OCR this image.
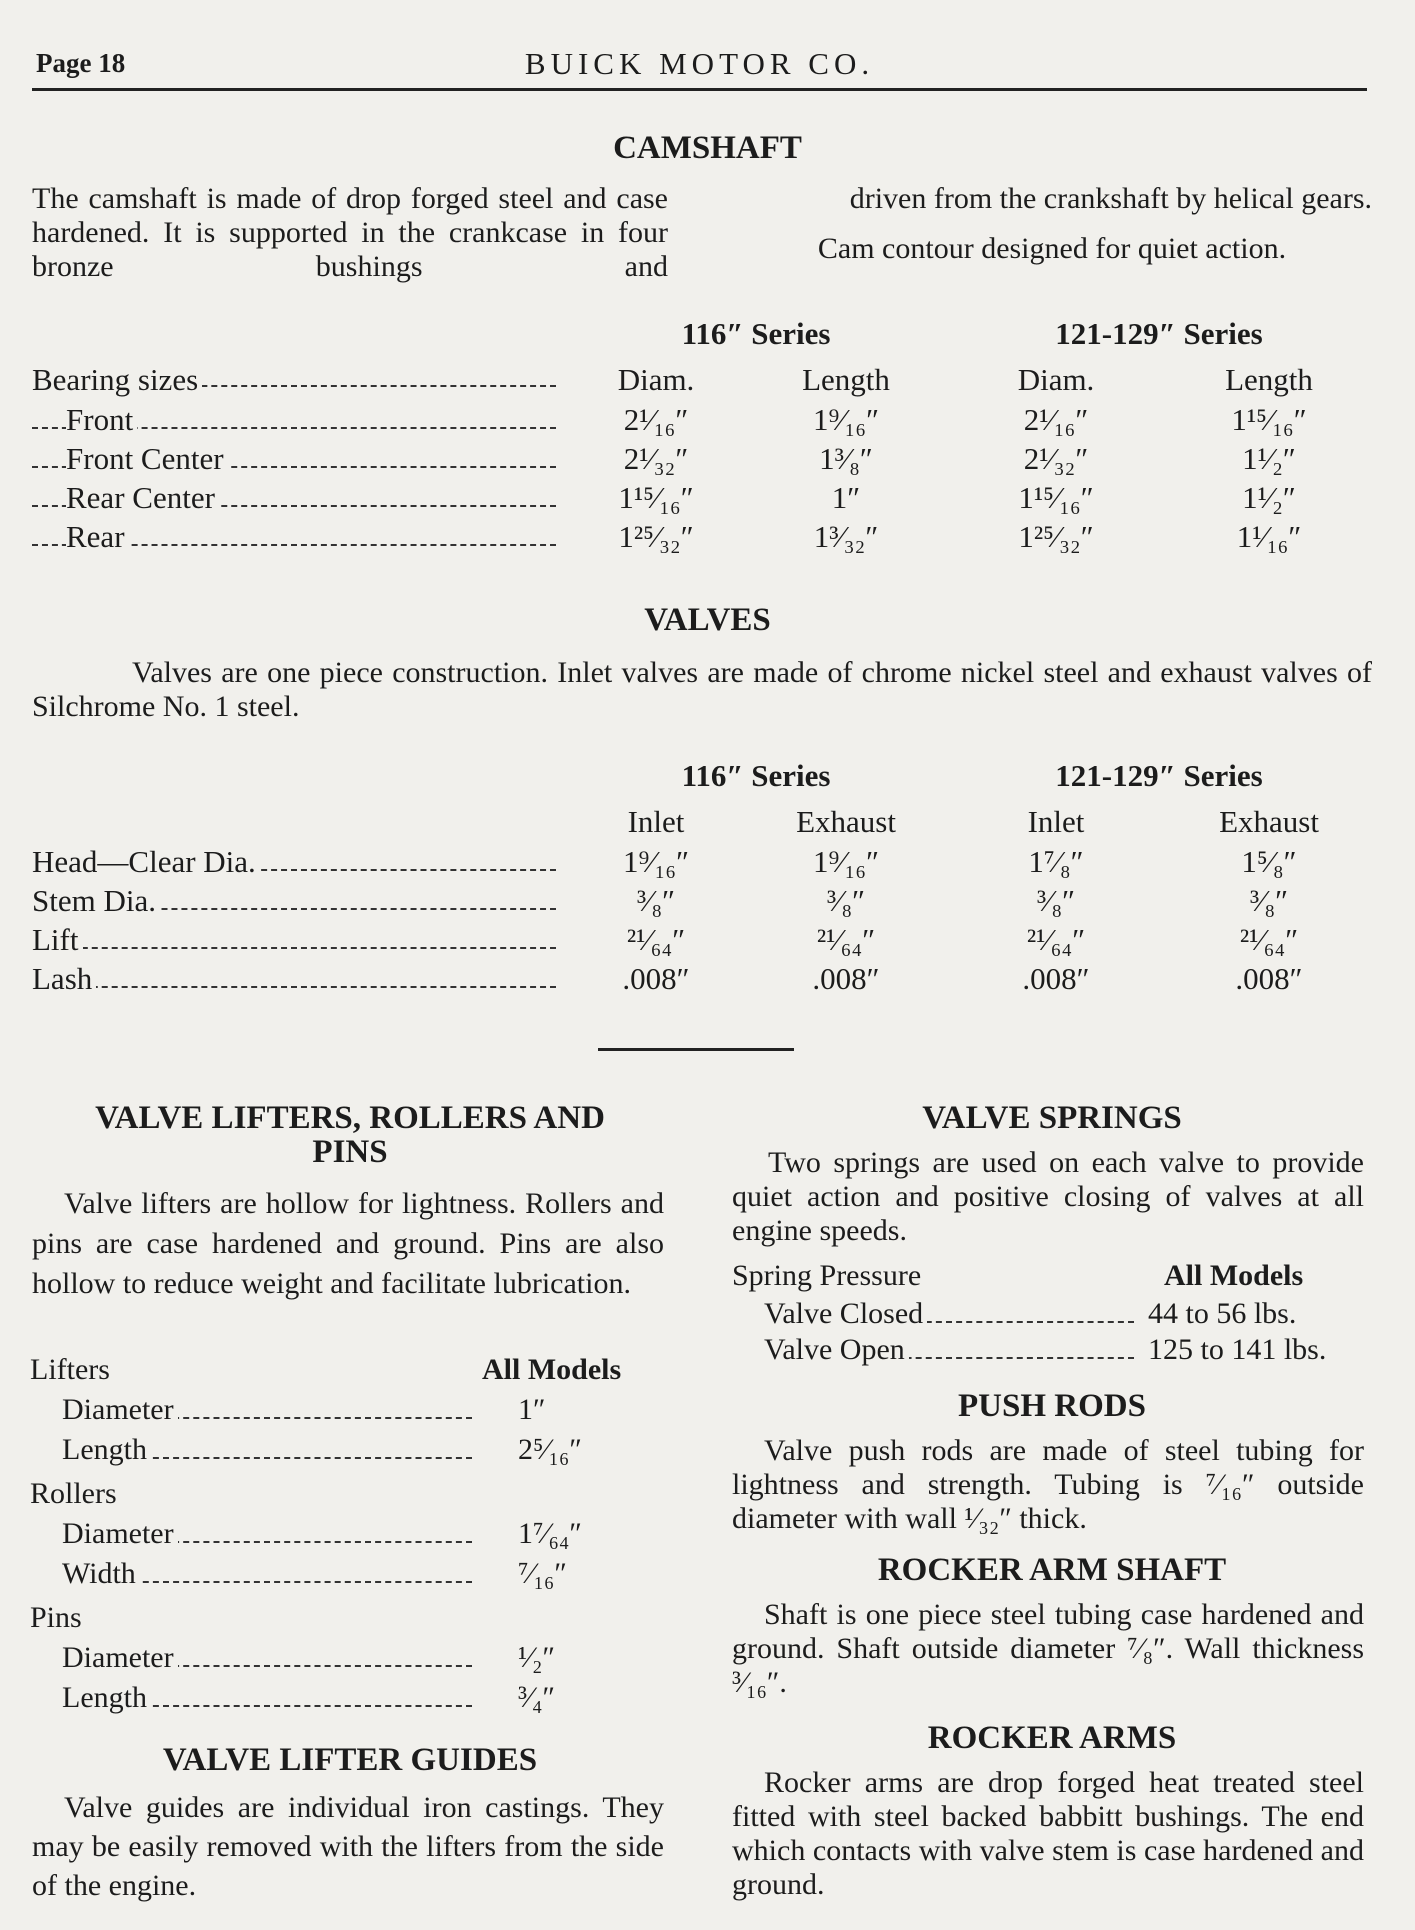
Page 18	BUICK MOTOR CO.
CAMSHAFT

The camshaft is made of drop forged steel and case hardened. It is supported in the crankcase in four bronze bushings and

driven from the crankshaft by helical gears.

Cam contour designed for quiet action.

	116″ Series		121-129″ Series	
Bearing sizes	Diam.	Length	Diam.	Length
Front	2¹⁄₁₆″	1⁹⁄₁₆″	2¹⁄₁₆″	1¹⁵⁄₁₆″
Front Center	2¹⁄₃₂″	1³⁄₈″	2¹⁄₃₂″	1¹⁄₂″
Rear Center	1¹⁵⁄₁₆″	1″	1¹⁵⁄₁₆″	1¹⁄₂″
Rear	1²⁵⁄₃₂″	1³⁄₃₂″	1²⁵⁄₃₂″	1¹⁄₁₆″
VALVES

Valves are one piece construction. Inlet valves are made of chrome nickel steel and exhaust valves of Silchrome No. 1 steel.

	116″ Series		121-129″ Series	
	Inlet	Exhaust	Inlet	Exhaust
Head—Clear Dia.	1⁹⁄₁₆″	1⁹⁄₁₆″	1⁷⁄₈″	1⁵⁄₈″
Stem Dia.	³⁄₈″	³⁄₈″	³⁄₈″	³⁄₈″
Lift	²¹⁄₆₄″	²¹⁄₆₄″	²¹⁄₆₄″	²¹⁄₆₄″
Lash	.008″	.008″	.008″	.008″
VALVE LIFTERS, ROLLERS AND
PINS

Valve lifters are hollow for lightness. Rollers and pins are case hardened and ground. Pins are also hollow to reduce weight and facilitate lubrication.

Lifters	All Models
Diameter	1″
Length	2⁵⁄₁₆″
Rollers
Diameter	1⁷⁄₆₄″
Width	⁷⁄₁₆″
Pins
Diameter	¹⁄₂″
Length	³⁄₄″
VALVE LIFTER GUIDES

Valve guides are individual iron castings. They may be easily removed with the lifters from the side of the engine.

VALVE SPRINGS

Two springs are used on each valve to provide quiet action and positive closing of valves at all engine speeds.

Spring Pressure	All Models
Valve Closed	44 to 56 lbs.
Valve Open	125 to 141 lbs.
PUSH RODS

Valve push rods are made of steel tubing for lightness and strength. Tubing is ⁷⁄₁₆″ outside diameter with wall ¹⁄₃₂″ thick.

ROCKER ARM SHAFT

Shaft is one piece steel tubing case hardened and ground. Shaft outside diameter ⁷⁄₈″. Wall thickness ³⁄₁₆″.

ROCKER ARMS

Rocker arms are drop forged heat treated steel fitted with steel backed babbitt bushings. The end which contacts with valve stem is case hardened and ground.
